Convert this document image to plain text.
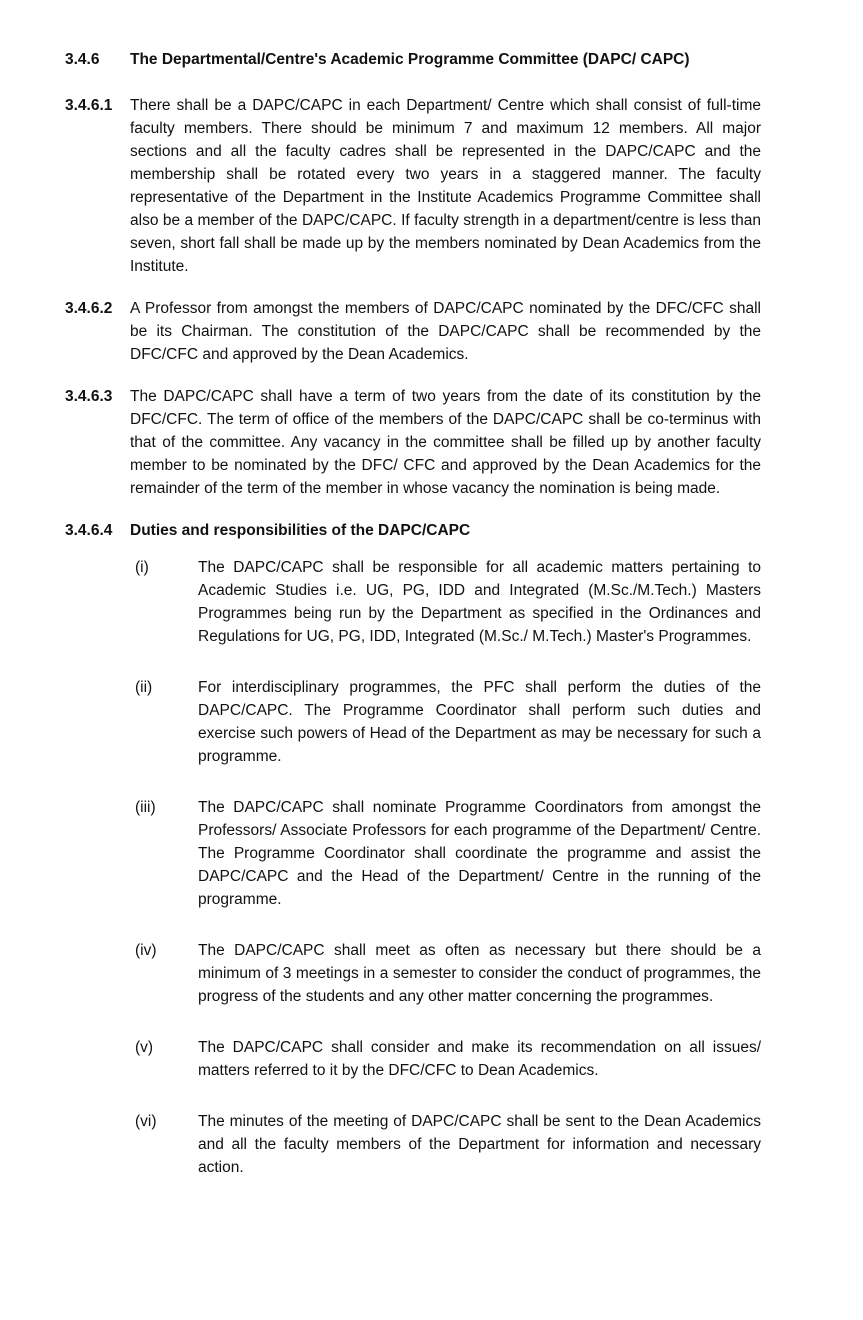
3.4.6	The Departmental/Centre's Academic Programme Committee (DAPC/ CAPC)
3.4.6.1	There shall be a DAPC/CAPC in each Department/ Centre which shall consist of full-time faculty members. There should be minimum 7 and maximum 12 members. All major sections and all the faculty cadres shall be represented in the DAPC/CAPC and the membership shall be rotated every two years in a staggered manner. The faculty representative of the Department in the Institute Academics Programme Committee shall also be a member of the DAPC/CAPC. If faculty strength in a department/centre is less than seven, short fall shall be made up by the members nominated by Dean Academics from the Institute.
3.4.6.2	A Professor from amongst the members of DAPC/CAPC nominated by the DFC/CFC shall be its Chairman. The constitution of the DAPC/CAPC shall be recommended by the DFC/CFC and approved by the Dean Academics.
3.4.6.3	The DAPC/CAPC shall have a term of two years from the date of its constitution by the DFC/CFC. The term of office of the members of the DAPC/CAPC shall be co-terminus with that of the committee. Any vacancy in the committee shall be filled up by another faculty member to be nominated by the DFC/ CFC and approved by the Dean Academics for the remainder of the term of the member in whose vacancy the nomination is being made.
3.4.6.4	Duties and responsibilities of the DAPC/CAPC
(i)	The DAPC/CAPC shall be responsible for all academic matters pertaining to Academic Studies i.e. UG, PG, IDD and Integrated (M.Sc./M.Tech.) Masters Programmes being run by the Department as specified in the Ordinances and Regulations for UG, PG, IDD, Integrated (M.Sc./ M.Tech.) Master's Programmes.
(ii)	For interdisciplinary programmes, the PFC shall perform the duties of the DAPC/CAPC. The Programme Coordinator shall perform such duties and exercise such powers of Head of the Department as may be necessary for such a programme.
(iii)	The DAPC/CAPC shall nominate Programme Coordinators from amongst the Professors/ Associate Professors for each programme of the Department/ Centre. The Programme Coordinator shall coordinate the programme and assist the DAPC/CAPC and the Head of the Department/ Centre in the running of the programme.
(iv)	The DAPC/CAPC shall meet as often as necessary but there should be a minimum of 3 meetings in a semester to consider the conduct of programmes, the progress of the students and any other matter concerning the programmes.
(v)	The DAPC/CAPC shall consider and make its recommendation on all issues/ matters referred to it by the DFC/CFC to Dean Academics.
(vi)	The minutes of the meeting of DAPC/CAPC shall be sent to the Dean Academics and all the faculty members of the Department for information and necessary action.
